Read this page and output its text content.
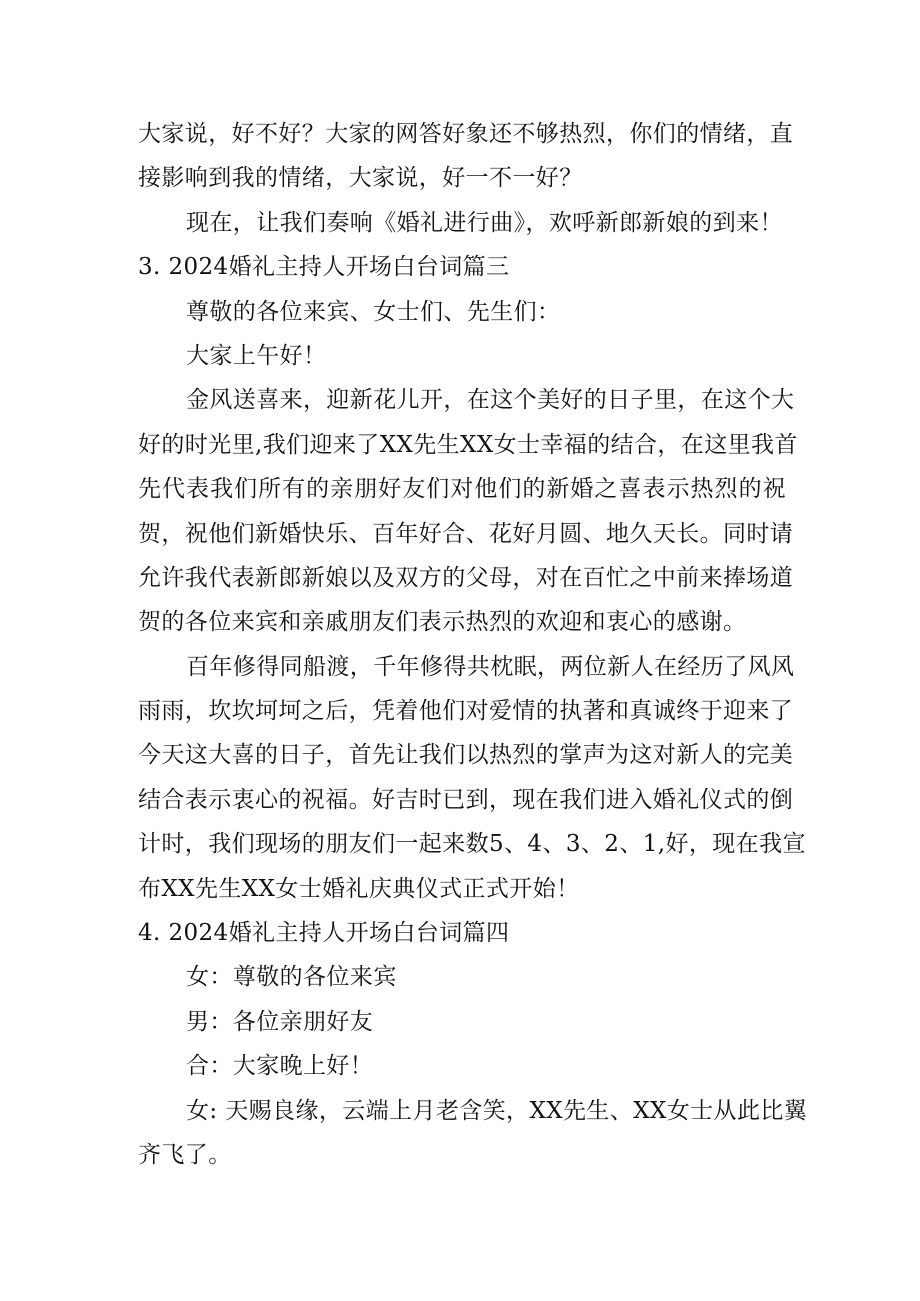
大家说，好不好？大家的网答好象还不够热烈，你们的情绪，直
接影响到我的情绪，大家说，好一不一好？
现在，让我们奏响《婚礼进行曲》，欢呼新郎新娘的到来！
3. 2024婚礼主持人开场白台词篇三
尊敬的各位来宾、女士们、先生们：
大家上午好！
金风送喜来，迎新花儿开，在这个美好的日子里，在这个大
好的时光里,我们迎来了XX先生XX女士幸福的结合，在这里我首
先代表我们所有的亲朋好友们对他们的新婚之喜表示热烈的祝
贺，祝他们新婚快乐、百年好合、花好月圆、地久天长。同时请
允许我代表新郎新娘以及双方的父母，对在百忙之中前来捧场道
贺的各位来宾和亲戚朋友们表示热烈的欢迎和衷心的感谢。
百年修得同船渡，千年修得共枕眠，两位新人在经历了风风
雨雨，坎坎坷坷之后，凭着他们对爱情的执著和真诚终于迎来了
今天这大喜的日子，首先让我们以热烈的掌声为这对新人的完美
结合表示衷心的祝福。好吉时已到，现在我们进入婚礼仪式的倒
计时，我们现场的朋友们一起来数5、4、3、2、1,好，现在我宣
布XX先生XX女士婚礼庆典仪式正式开始！
4. 2024婚礼主持人开场白台词篇四
女：尊敬的各位来宾
男：各位亲朋好友
合：大家晚上好！
女: 天赐良缘，云端上月老含笑，XX先生、XX女士从此比翼
齐飞了。
